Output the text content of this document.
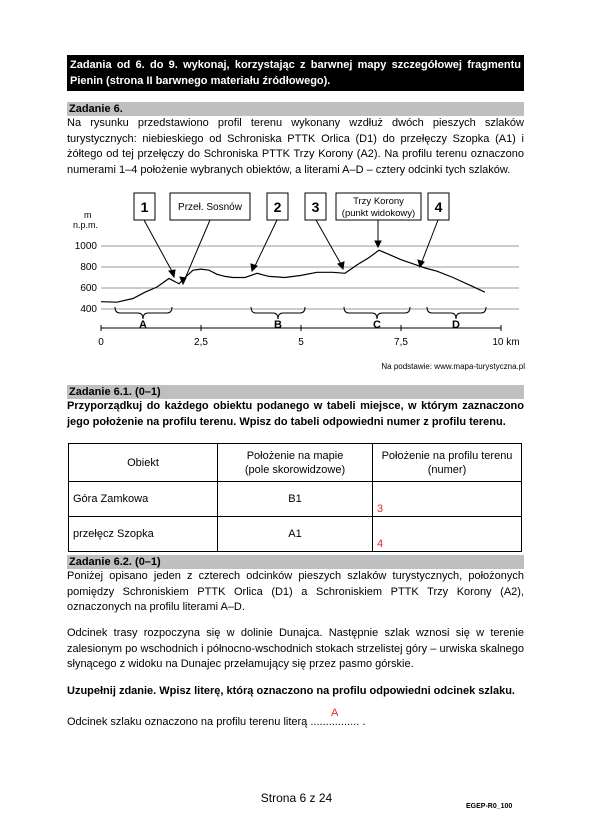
Zadania od 6. do 9. wykonaj, korzystając z barwnej mapy szczegółowej fragmentu Pienin (strona II barwnego materiału źródłowego).
Zadanie 6.
Na rysunku przedstawiono profil terenu wykonany wzdłuż dwóch pieszych szlaków turystycznych: niebieskiego od Schroniska PTTK Orlica (D1) do przełęczy Szopka (A1) i żółtego od tej przełęczy do Schroniska PTTK Trzy Korony (A2). Na profilu terenu oznaczono numerami 1–4 położenie wybranych obiektów, a literami A–D – cztery odcinki tych szlaków.
m
n.p.m.
1000
800
600
400
0	2,5	5	7,5	10 km
1	Przeł. Sosnów 2 3	Trzy Korony
(punkt widokowy) 4
A	B	C	D
Na podstawie: www.mapa-turystyczna.pl
Zadanie 6.1. (0–1)
Przyporządkuj do każdego obiektu podanego w tabeli miejsce, w którym zaznaczono jego położenie na profilu terenu. Wpisz do tabeli odpowiedni numer z profilu terenu.
Obiekt	Położenie na mapie
(pole skorowidzowe)	Położenie na profilu terenu
(numer)
Góra Zamkowa	B1	3
przełęcz Szopka	A1	4
Zadanie 6.2. (0–1)
Poniżej opisano jeden z czterech odcinków pieszych szlaków turystycznych, położonych pomiędzy Schroniskiem PTTK Orlica (D1) a Schroniskiem PTTK Trzy Korony (A2), oznaczonych na profilu literami A–D.
Odcinek trasy rozpoczyna się w dolinie Dunajca. Następnie szlak wznosi się w terenie zalesionym po wschodnich i północno-wschodnich stokach strzelistej góry – urwiska skalnego słynącego z widoku na Dunajec przełamujący się przez pasmo górskie.
Uzupełnij zdanie. Wpisz literę, którą oznaczono na profilu odpowiedni odcinek szlaku.
Odcinek szlaku oznaczono na profilu terenu literą ................ .
A
Strona 6 z 24
EGEP-R0_100
